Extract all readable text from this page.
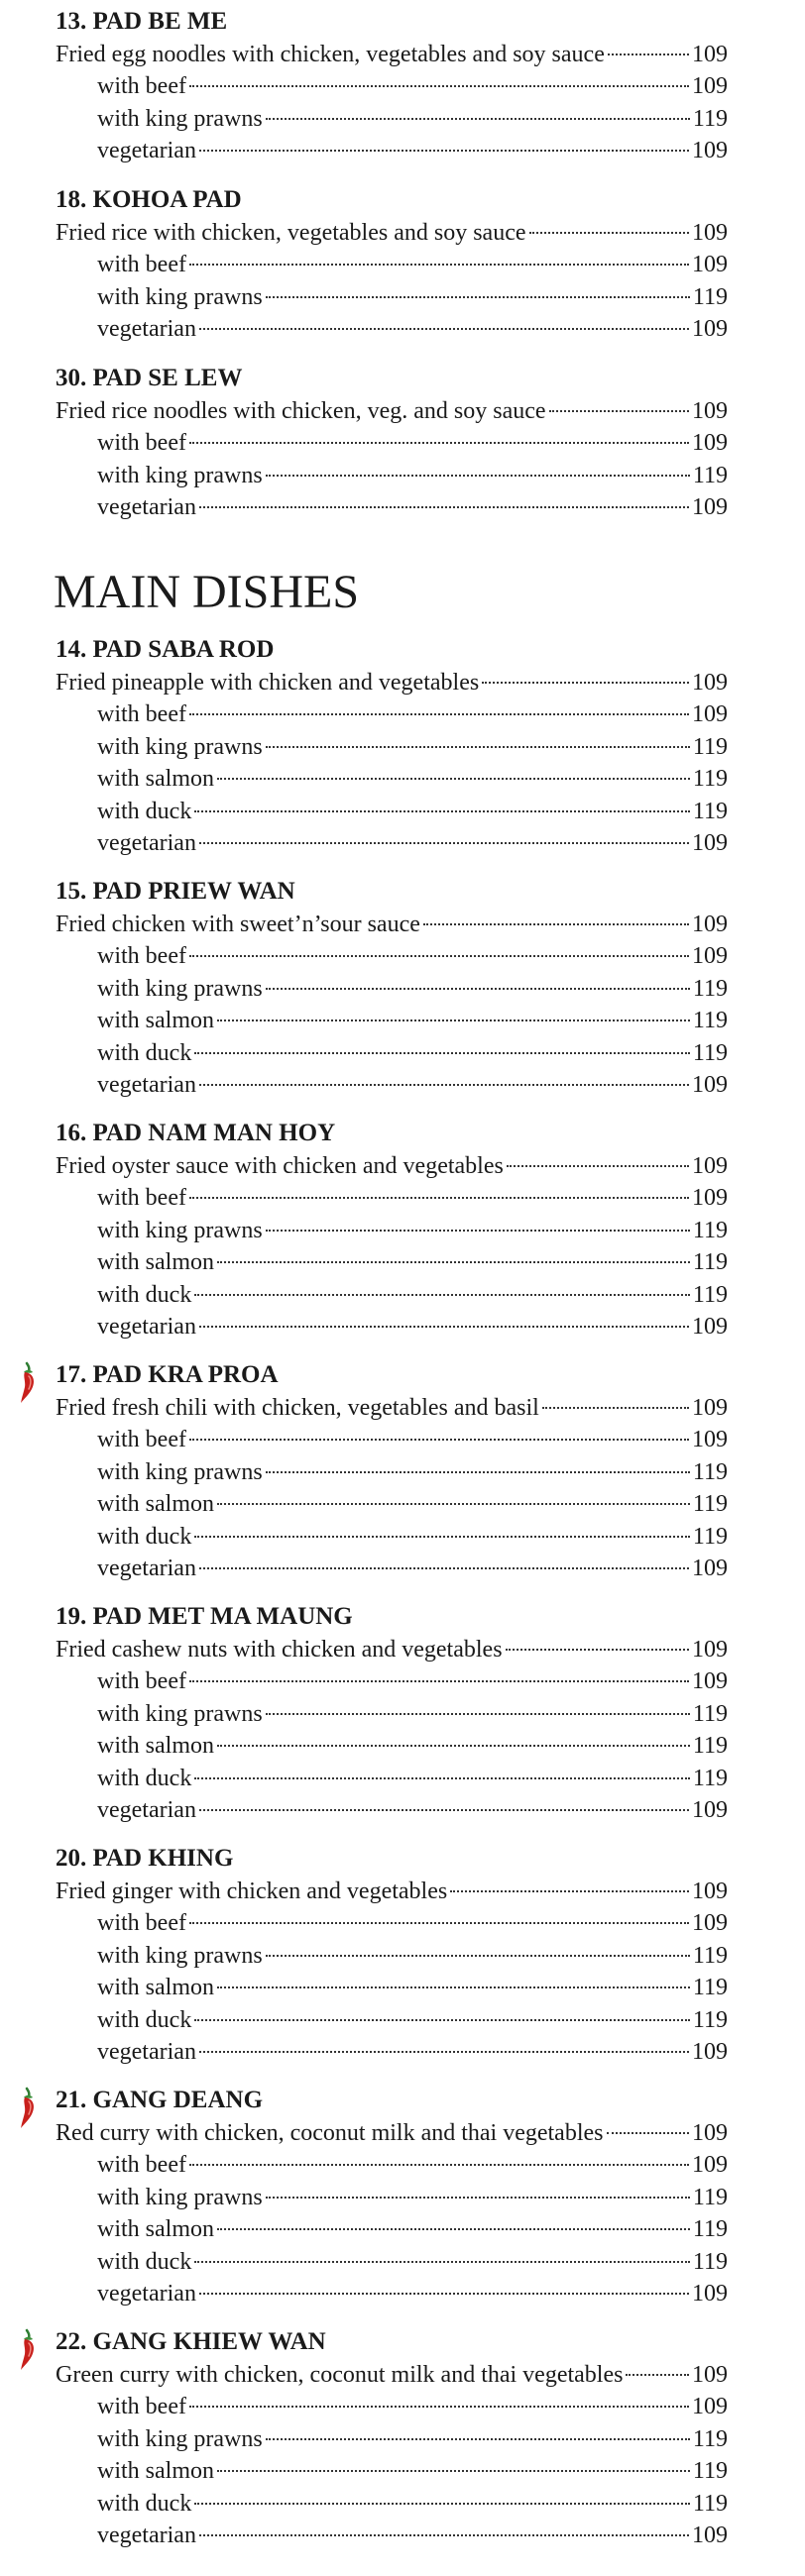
13. PAD BE ME
Fried egg noodles with chicken, vegetables and soy sauce	109
with beef	109
with king prawns	119
vegetarian	109
18. KOHOA PAD
Fried rice with chicken, vegetables and soy sauce	109
with beef	109
with king prawns	119
vegetarian	109
30. PAD SE LEW
Fried rice noodles with chicken, veg. and soy sauce	109
with beef	109
with king prawns	119
vegetarian	109
MAIN DISHES
14. PAD SABA ROD
Fried pineapple with chicken and vegetables	109
with beef	109
with king prawns	119
with salmon	119
with duck	119
vegetarian	109
15. PAD PRIEW WAN
Fried chicken with sweet’n’sour sauce	109
with beef	109
with king prawns	119
with salmon	119
with duck	119
vegetarian	109
16. PAD NAM MAN HOY
Fried oyster sauce with chicken and vegetables	109
with beef	109
with king prawns	119
with salmon	119
with duck	119
vegetarian	109
17. PAD KRA PROA
Fried fresh chili with chicken, vegetables and basil	109
with beef	109
with king prawns	119
with salmon	119
with duck	119
vegetarian	109
19. PAD MET MA MAUNG
Fried cashew nuts with chicken and vegetables	109
with beef	109
with king prawns	119
with salmon	119
with duck	119
vegetarian	109
20. PAD KHING
Fried ginger with chicken and vegetables	109
with beef	109
with king prawns	119
with salmon	119
with duck	119
vegetarian	109
21. GANG DEANG
Red curry with chicken, coconut milk and thai vegetables	109
with beef	109
with king prawns	119
with salmon	119
with duck	119
vegetarian	109
22. GANG KHIEW WAN
Green curry with chicken, coconut milk and thai vegetables	109
with beef	109
with king prawns	119
with salmon	119
with duck	119
vegetarian	109
